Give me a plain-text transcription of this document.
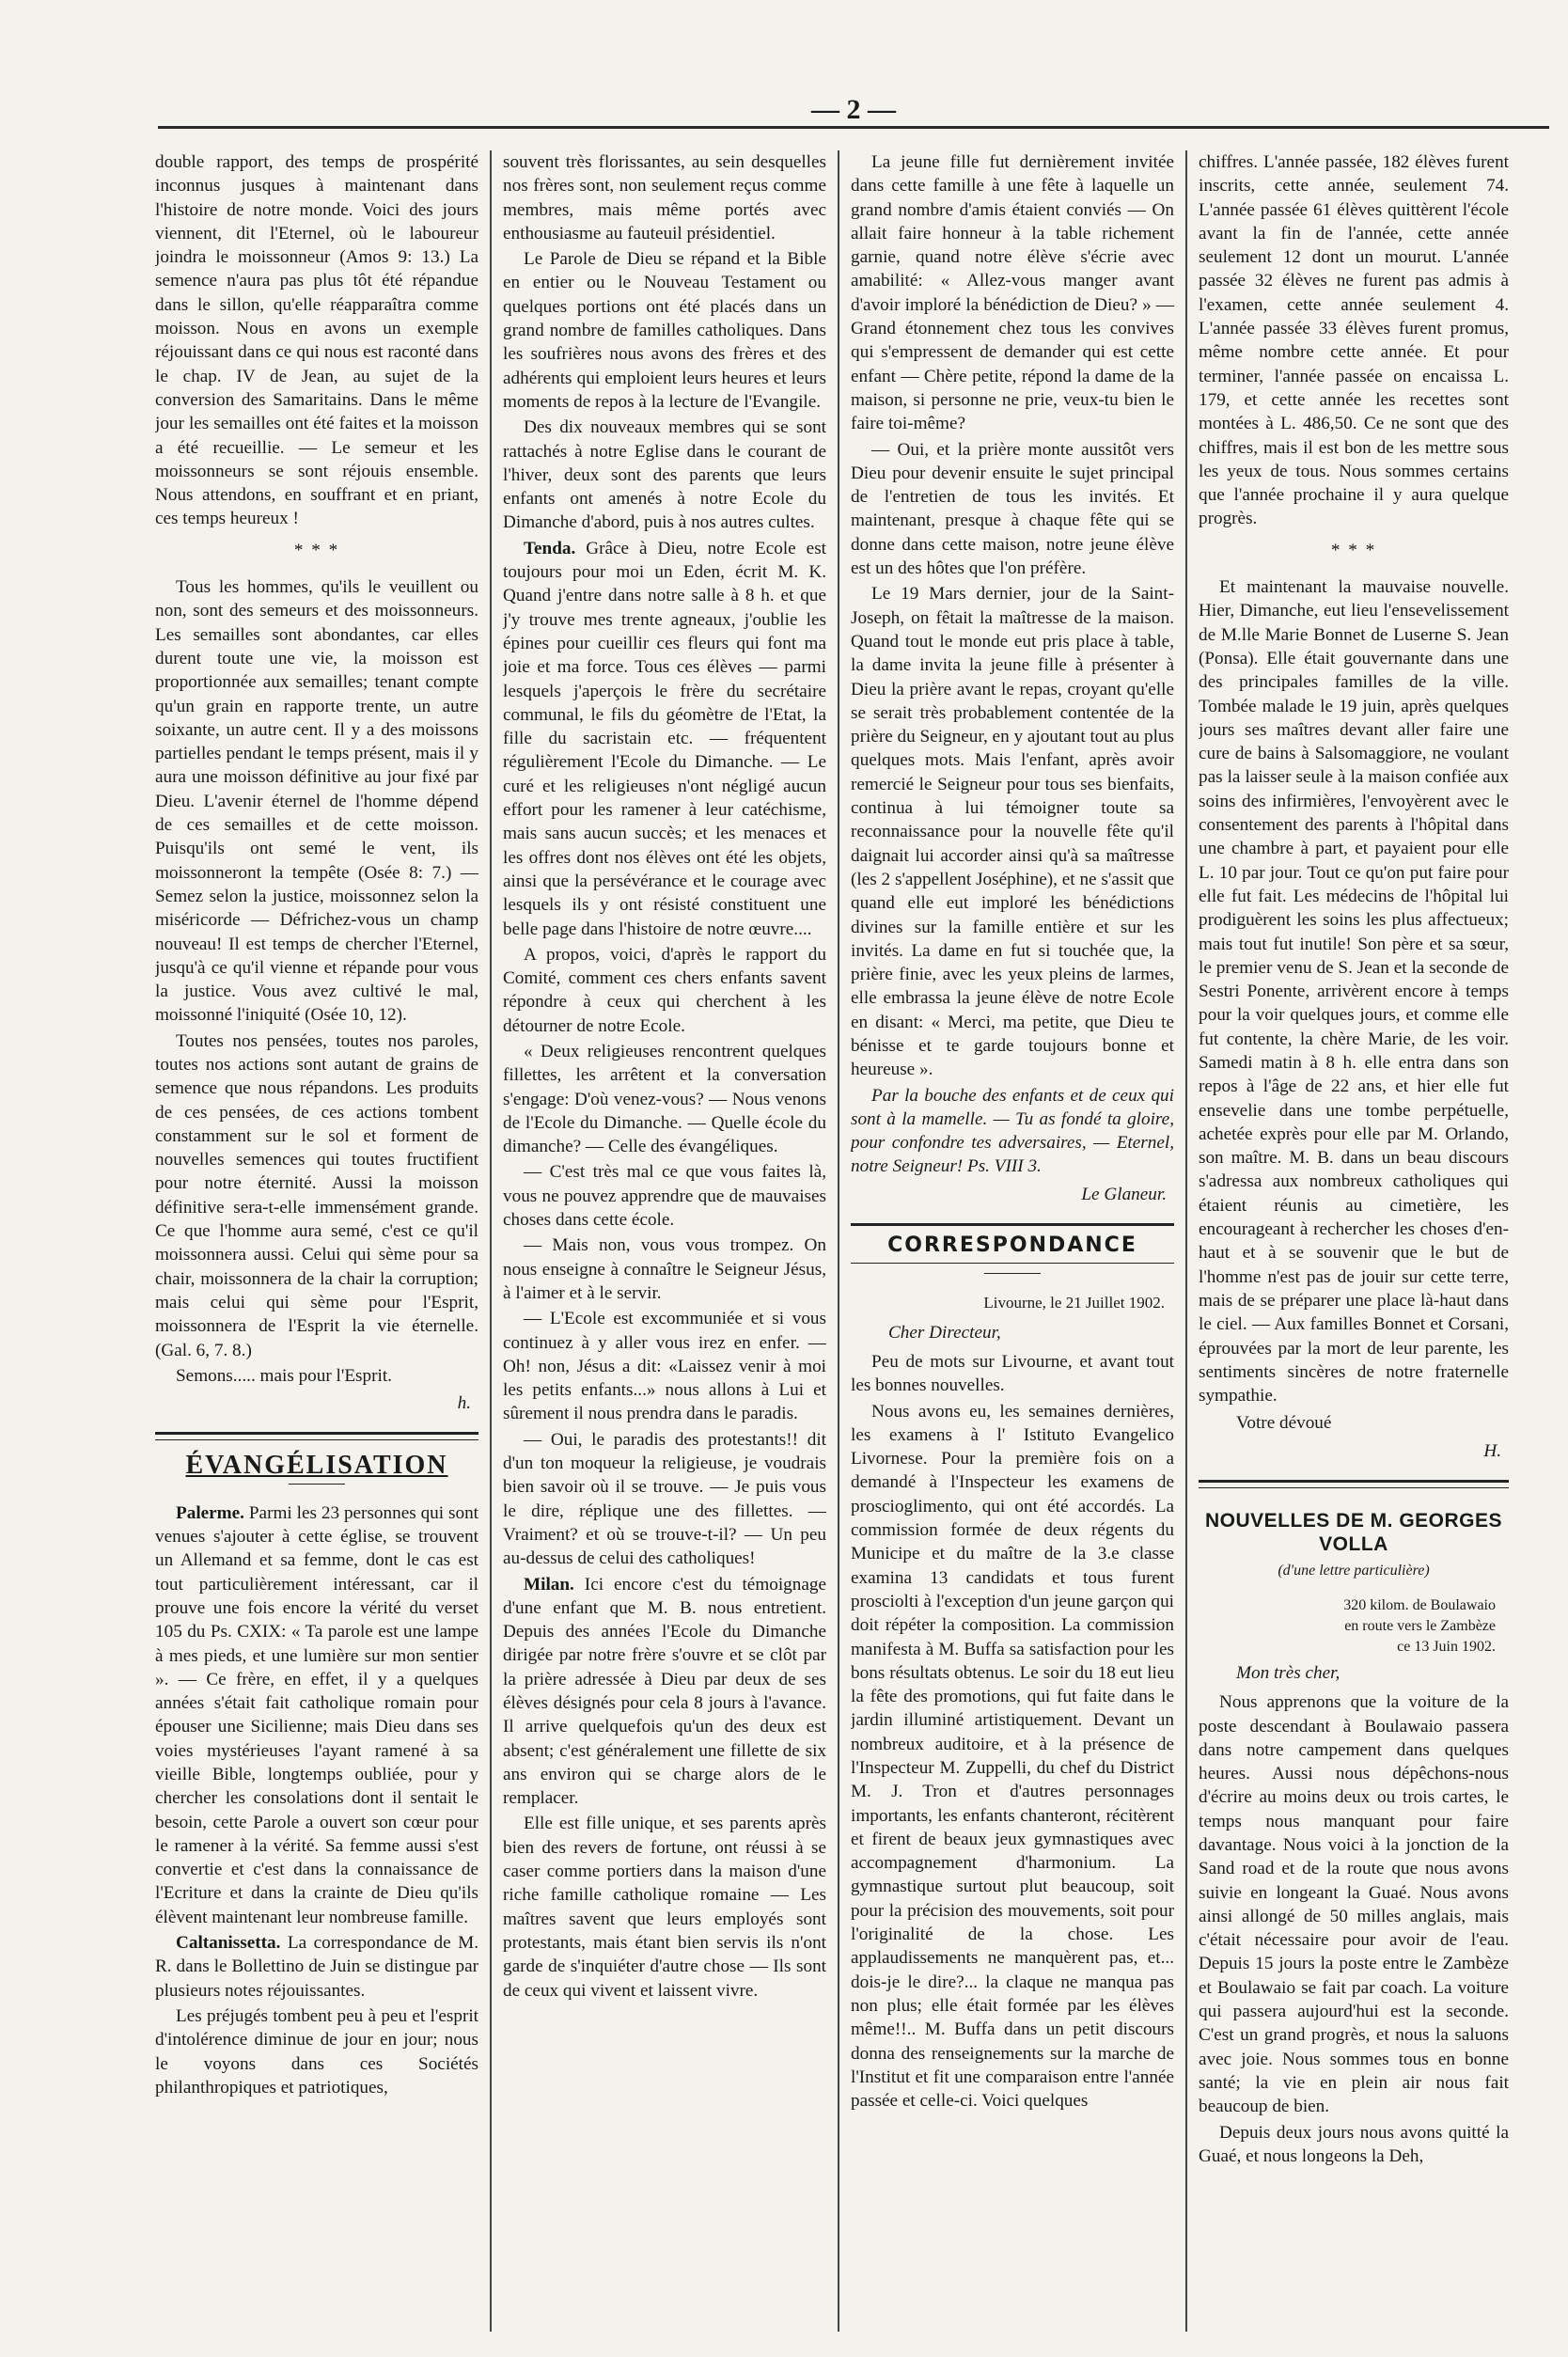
— 2 —

double rapport, des temps de prospérité inconnus jusques à maintenant dans l'histoire de notre monde. Voici des jours viennent, dit l'Eternel, où le laboureur joindra le moissonneur (Amos 9: 13.) La semence n'aura pas plus tôt été répandue dans le sillon, qu'elle réapparaîtra comme moisson. Nous en avons un exemple réjouissant dans ce qui nous est raconté dans le chap. IV de Jean, au sujet de la conversion des Samaritains. Dans le même jour les semailles ont été faites et la moisson a été recueillie. — Le semeur et les moissonneurs se sont réjouis ensemble. Nous attendons, en souffrant et en priant, ces temps heureux !

* * *

Tous les hommes, qu'ils le veuillent ou non, sont des semeurs et des moissonneurs. Les semailles sont abondantes, car elles durent toute une vie, la moisson est proportionnée aux semailles; tenant compte qu'un grain en rapporte trente, un autre soixante, un autre cent. Il y a des moissons partielles pendant le temps présent, mais il y aura une moisson définitive au jour fixé par Dieu. L'avenir éternel de l'homme dépend de ces semailles et de cette moisson. Puisqu'ils ont semé le vent, ils moissonneront la tempête (Osée 8: 7.) — Semez selon la justice, moissonnez selon la miséricorde — Défrichez-vous un champ nouveau! Il est temps de chercher l'Eternel, jusqu'à ce qu'il vienne et répande pour vous la justice. Vous avez cultivé le mal, moissonné l'iniquité (Osée 10, 12).

Toutes nos pensées, toutes nos paroles, toutes nos actions sont autant de grains de semence que nous répandons. Les produits de ces pensées, de ces actions tombent constamment sur le sol et forment de nouvelles semences qui toutes fructifient pour notre éternité. Aussi la moisson définitive sera-t-elle immensément grande. Ce que l'homme aura semé, c'est ce qu'il moissonnera aussi. Celui qui sème pour sa chair, moissonnera de la chair la corruption; mais celui qui sème pour l'Esprit, moissonnera de l'Esprit la vie éternelle. (Gal. 6, 7. 8.)

Semons..... mais pour l'Esprit.

h.
ÉVANGÉLISATION

Palerme. Parmi les 23 personnes qui sont venues s'ajouter à cette église, se trouvent un Allemand et sa femme, dont le cas est tout particulièrement intéressant, car il prouve une fois encore la vérité du verset 105 du Ps. CXIX: « Ta parole est une lampe à mes pieds, et une lumière sur mon sentier ». — Ce frère, en effet, il y a quelques années s'était fait catholique romain pour épouser une Sicilienne; mais Dieu dans ses voies mystérieuses l'ayant ramené à sa vieille Bible, longtemps oubliée, pour y chercher les consolations dont il sentait le besoin, cette Parole a ouvert son cœur pour le ramener à la vérité. Sa femme aussi s'est convertie et c'est dans la connaissance de l'Ecriture et dans la crainte de Dieu qu'ils élèvent maintenant leur nombreuse famille.

Caltanissetta. La correspondance de M. R. dans le Bollettino de Juin se distingue par plusieurs notes réjouissantes.

Les préjugés tombent peu à peu et l'esprit d'intolérence diminue de jour en jour; nous le voyons dans ces Sociétés philanthropiques et patriotiques,

souvent très florissantes, au sein desquelles nos frères sont, non seulement reçus comme membres, mais même portés avec enthousiasme au fauteuil présidentiel.

Le Parole de Dieu se répand et la Bible en entier ou le Nouveau Testament ou quelques portions ont été placés dans un grand nombre de familles catholiques. Dans les soufrières nous avons des frères et des adhérents qui emploient leurs heures et leurs moments de repos à la lecture de l'Evangile.

Des dix nouveaux membres qui se sont rattachés à notre Eglise dans le courant de l'hiver, deux sont des parents que leurs enfants ont amenés à notre Ecole du Dimanche d'abord, puis à nos autres cultes.

Tenda. Grâce à Dieu, notre Ecole est toujours pour moi un Eden, écrit M. K. Quand j'entre dans notre salle à 8 h. et que j'y trouve mes trente agneaux, j'oublie les épines pour cueillir ces fleurs qui font ma joie et ma force. Tous ces élèves — parmi lesquels j'aperçois le frère du secrétaire communal, le fils du géomètre de l'Etat, la fille du sacristain etc. — fréquentent régulièrement l'Ecole du Dimanche. — Le curé et les religieuses n'ont négligé aucun effort pour les ramener à leur catéchisme, mais sans aucun succès; et les menaces et les offres dont nos élèves ont été les objets, ainsi que la persévérance et le courage avec lesquels ils y ont résisté constituent une belle page dans l'histoire de notre œuvre....

A propos, voici, d'après le rapport du Comité, comment ces chers enfants savent répondre à ceux qui cherchent à les détourner de notre Ecole.

« Deux religieuses rencontrent quelques fillettes, les arrêtent et la conversation s'engage: D'où venez-vous? — Nous venons de l'Ecole du Dimanche. — Quelle école du dimanche? — Celle des évangéliques.

— C'est très mal ce que vous faites là, vous ne pouvez apprendre que de mauvaises choses dans cette école.

— Mais non, vous vous trompez. On nous enseigne à connaître le Seigneur Jésus, à l'aimer et à le servir.

— L'Ecole est excommuniée et si vous continuez à y aller vous irez en enfer. — Oh! non, Jésus a dit: «Laissez venir à moi les petits enfants...» nous allons à Lui et sûrement il nous prendra dans le paradis.

— Oui, le paradis des protestants!! dit d'un ton moqueur la religieuse, je voudrais bien savoir où il se trouve. — Je puis vous le dire, réplique une des fillettes. — Vraiment? et où se trouve-t-il? — Un peu au-dessus de celui des catholiques!

Milan. Ici encore c'est du témoignage d'une enfant que M. B. nous entretient. Depuis des années l'Ecole du Dimanche dirigée par notre frère s'ouvre et se clôt par la prière adressée à Dieu par deux de ses élèves désignés pour cela 8 jours à l'avance. Il arrive quelquefois qu'un des deux est absent; c'est généralement une fillette de six ans environ qui se charge alors de le remplacer.

Elle est fille unique, et ses parents après bien des revers de fortune, ont réussi à se caser comme portiers dans la maison d'une riche famille catholique romaine — Les maîtres savent que leurs employés sont protestants, mais étant bien servis ils n'ont garde de s'inquiéter d'autre chose — Ils sont de ceux qui vivent et laissent vivre.

La jeune fille fut dernièrement invitée dans cette famille à une fête à laquelle un grand nombre d'amis étaient conviés — On allait faire honneur à la table richement garnie, quand notre élève s'écrie avec amabilité: « Allez-vous manger avant d'avoir imploré la bénédiction de Dieu? » — Grand étonnement chez tous les convives qui s'empressent de demander qui est cette enfant — Chère petite, répond la dame de la maison, si personne ne prie, veux-tu bien le faire toi-même?

— Oui, et la prière monte aussitôt vers Dieu pour devenir ensuite le sujet principal de l'entretien de tous les invités. Et maintenant, presque à chaque fête qui se donne dans cette maison, notre jeune élève est un des hôtes que l'on préfère.

Le 19 Mars dernier, jour de la Saint-Joseph, on fêtait la maîtresse de la maison. Quand tout le monde eut pris place à table, la dame invita la jeune fille à présenter à Dieu la prière avant le repas, croyant qu'elle se serait très probablement contentée de la prière du Seigneur, en y ajoutant tout au plus quelques mots. Mais l'enfant, après avoir remercié le Seigneur pour tous ses bienfaits, continua à lui témoigner toute sa reconnaissance pour la nouvelle fête qu'il daignait lui accorder ainsi qu'à sa maîtresse (les 2 s'appellent Joséphine), et ne s'assit que quand elle eut imploré les bénédictions divines sur la famille entière et sur les invités. La dame en fut si touchée que, la prière finie, avec les yeux pleins de larmes, elle embrassa la jeune élève de notre Ecole en disant: « Merci, ma petite, que Dieu te bénisse et te garde toujours bonne et heureuse ».

Par la bouche des enfants et de ceux qui sont à la mamelle. — Tu as fondé ta gloire, pour confondre tes adversaires, — Eternel, notre Seigneur! Ps. VIII 3.

Le Glaneur.
CORRESPONDANCE
Livourne, le 21 Juillet 1902.
Cher Directeur,

Peu de mots sur Livourne, et avant tout les bonnes nouvelles.

Nous avons eu, les semaines dernières, les examens à l' Istituto Evangelico Livornese. Pour la première fois on a demandé à l'Inspecteur les examens de proscioglimento, qui ont été accordés. La commission formée de deux régents du Municipe et du maître de la 3.e classe examina 13 candidats et tous furent prosciolti à l'exception d'un jeune garçon qui doit répéter la composition. La commission manifesta à M. Buffa sa satisfaction pour les bons résultats obtenus. Le soir du 18 eut lieu la fête des promotions, qui fut faite dans le jardin illuminé artistiquement. Devant un nombreux auditoire, et à la présence de l'Inspecteur M. Zuppelli, du chef du District M. J. Tron et d'autres personnages importants, les enfants chanteront, récitèrent et firent de beaux jeux gymnastiques avec accompagnement d'harmonium. La gymnastique surtout plut beaucoup, soit pour la précision des mouvements, soit pour l'originalité de la chose. Les applaudissements ne manquèrent pas, et... dois-je le dire?... la claque ne manqua pas non plus; elle était formée par les élèves même!!.. M. Buffa dans un petit discours donna des renseignements sur la marche de l'Institut et fit une comparaison entre l'année passée et celle-ci. Voici quelques

chiffres. L'année passée, 182 élèves furent inscrits, cette année, seulement 74. L'année passée 61 élèves quittèrent l'école avant la fin de l'année, cette année seulement 12 dont un mourut. L'année passée 32 élèves ne furent pas admis à l'examen, cette année seulement 4. L'année passée 33 élèves furent promus, même nombre cette année. Et pour terminer, l'année passée on encaissa L. 179, et cette année les recettes sont montées à L. 486,50. Ce ne sont que des chiffres, mais il est bon de les mettre sous les yeux de tous. Nous sommes certains que l'année prochaine il y aura quelque progrès.

* * *

Et maintenant la mauvaise nouvelle. Hier, Dimanche, eut lieu l'ensevelissement de M.lle Marie Bonnet de Luserne S. Jean (Ponsa). Elle était gouvernante dans une des principales familles de la ville. Tombée malade le 19 juin, après quelques jours ses maîtres devant aller faire une cure de bains à Salsomaggiore, ne voulant pas la laisser seule à la maison confiée aux soins des infirmières, l'envoyèrent avec le consentement des parents à l'hôpital dans une chambre à part, et payaient pour elle L. 10 par jour. Tout ce qu'on put faire pour elle fut fait. Les médecins de l'hôpital lui prodiguèrent les soins les plus affectueux; mais tout fut inutile! Son père et sa sœur, le premier venu de S. Jean et la seconde de Sestri Ponente, arrivèrent encore à temps pour la voir quelques jours, et comme elle fut contente, la chère Marie, de les voir. Samedi matin à 8 h. elle entra dans son repos à l'âge de 22 ans, et hier elle fut ensevelie dans une tombe perpétuelle, achetée exprès pour elle par M. Orlando, son maître. M. B. dans un beau discours s'adressa aux nombreux catholiques qui étaient réunis au cimetière, les encourageant à rechercher les choses d'en-haut et à se souvenir que le but de l'homme n'est pas de jouir sur cette terre, mais de se préparer une place là-haut dans le ciel. — Aux familles Bonnet et Corsani, éprouvées par la mort de leur parente, les sentiments sincères de notre fraternelle sympathie.

Votre dévoué
H.
NOUVELLES DE M. GEORGES VOLLA
(d'une lettre particulière)
320 kilom. de Boulawaio
en route vers le Zambèze
ce 13 Juin 1902.
Mon très cher,

Nous apprenons que la voiture de la poste descendant à Boulawaio passera dans notre campement dans quelques heures. Aussi nous dépêchons-nous d'écrire au moins deux ou trois cartes, le temps nous manquant pour faire davantage. Nous voici à la jonction de la Sand road et de la route que nous avons suivie en longeant la Guaé. Nous avons ainsi allongé de 50 milles anglais, mais c'était nécessaire pour avoir de l'eau. Depuis 15 jours la poste entre le Zambèze et Boulawaio se fait par coach. La voiture qui passera aujourd'hui est la seconde. C'est un grand progrès, et nous la saluons avec joie. Nous sommes tous en bonne santé; la vie en plein air nous fait beaucoup de bien.

Depuis deux jours nous avons quitté la Guaé, et nous longeons la Deh,
